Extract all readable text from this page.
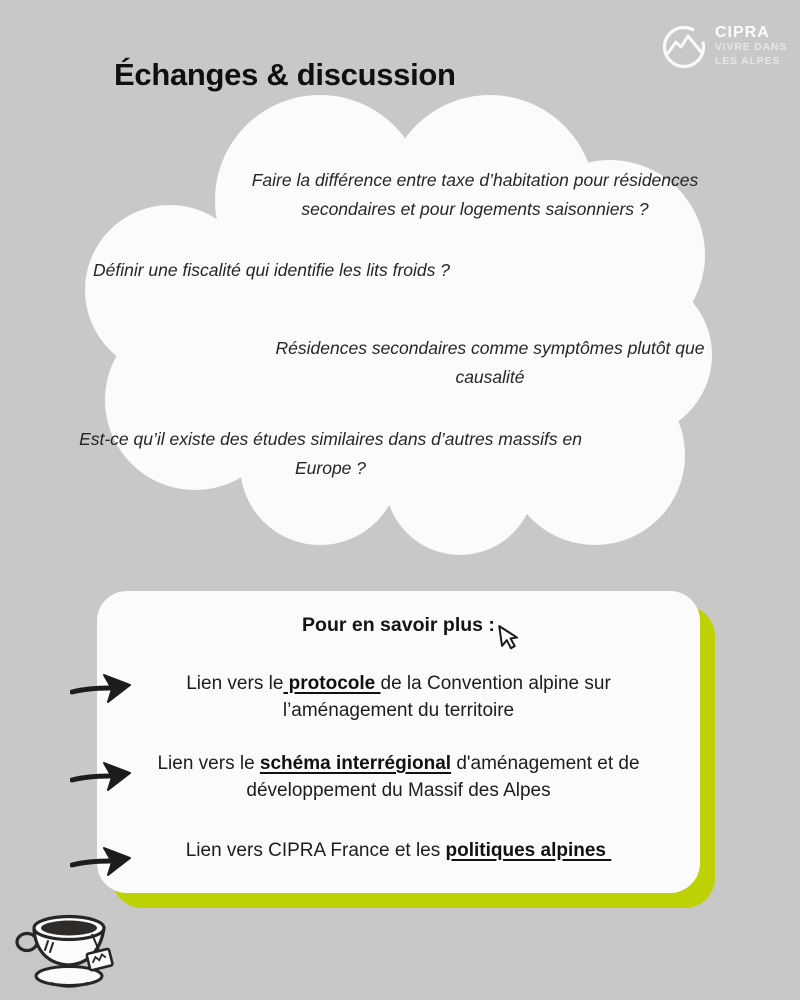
Échanges & discussion
CIPRA
VIVRE DANS
LES ALPES
Faire la différence entre taxe d’habitation pour résidences secondaires et pour logements saisonniers ?
Définir une fiscalité qui identifie les lits froids ?
Résidences secondaires comme symptômes plutôt que causalité
Est-ce qu’il existe des études similaires dans d’autres massifs en Europe ?
Pour en savoir plus :
Lien vers le protocole de la Convention alpine sur l’aménagement du territoire
Lien vers le schéma interrégional d'aménagement et de développement du Massif des Alpes
Lien vers CIPRA France et les politiques alpines
